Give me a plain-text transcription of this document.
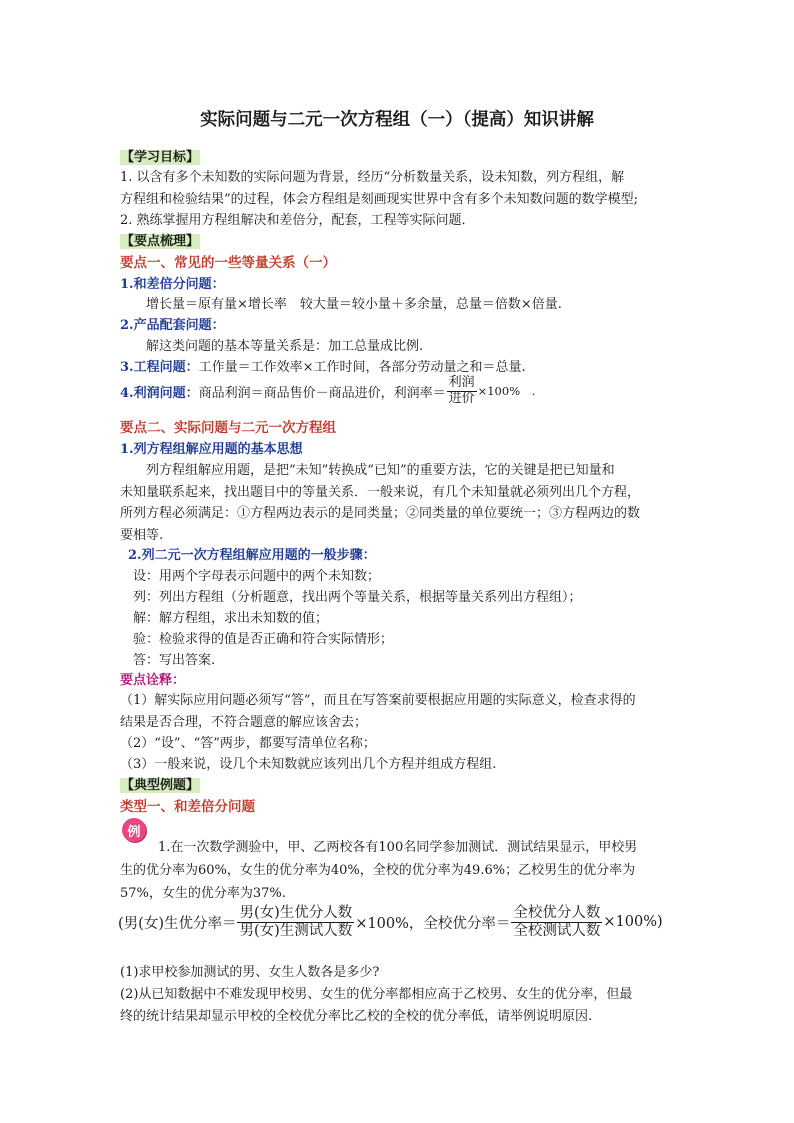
实际问题与二元一次方程组（一）（提高）知识讲解
【学习目标】
1. 以含有多个未知数的实际问题为背景，经历“分析数量关系，设未知数，列方程组，解
方程组和检验结果”的过程，体会方程组是刻画现实世界中含有多个未知数问题的数学模型;
2. 熟练掌握用方程组解决和差倍分，配套，工程等实际问题．
【要点梳理】
要点一、常见的一些等量关系（一）
1.和差倍分问题：
增长量＝原有量×增长率　较大量＝较小量＋多余量，总量＝倍数×倍量.
2.产品配套问题：
解这类问题的基本等量关系是：加工总量成比例.
3.工程问题：工作量＝工作效率×工作时间，各部分劳动量之和＝总量.
4.利润问题： 商品利润＝商品售价－商品进价，利润率＝ $\frac{\text{利润}}{\text{进价}} \times 100\%$　.
要点二、实际问题与二元一次方程组
1.列方程组解应用题的基本思想
列方程组解应用题，是把“未知”转换成“已知”的重要方法，它的关键是把已知量和
未知量联系起来，找出题目中的等量关系．一般来说，有几个未知量就必须列出几个方程，
所列方程必须满足：①方程两边表示的是同类量；②同类量的单位要统一；③方程两边的数
要相等.
2.列二元一次方程组解应用题的一般步骤：
设：用两个字母表示问题中的两个未知数；
列：列出方程组（分析题意，找出两个等量关系，根据等量关系列出方程组）；
解：解方程组，求出未知数的值；
验：检验求得的值是否正确和符合实际情形；
答：写出答案.
要点诠释：
（1）解实际应用问题必须写“答”，而且在写答案前要根据应用题的实际意义，检查求得的
结果是否合理，不符合题意的解应该舍去；
（2）“设”、“答”两步，都要写清单位名称；
（3）一般来说，设几个未知数就应该列出几个方程并组成方程组.
【典型例题】
类型一、和差倍分问题
例
1.在一次数学测验中，甲、乙两校各有100名同学参加测试．测试结果显示，甲校男
生的优分率为60%，女生的优分率为40%，全校的优分率为49.6%；乙校男生的优分率为
57%，女生的优分率为37%.
(男(女)生优分率＝ $\frac{\text{男(女)生优分人数}}{\text{男(女)生测试人数}} \times 100\%$，全校优分率＝ $\frac{\text{全校优分人数}}{\text{全校测试人数}} \times 100\%$)
(1)求甲校参加测试的男、女生人数各是多少?
(2)从已知数据中不难发现甲校男、女生的优分率都相应高于乙校男、女生的优分率，但最
终的统计结果却显示甲校的全校优分率比乙校的全校的优分率低，请举例说明原因.
